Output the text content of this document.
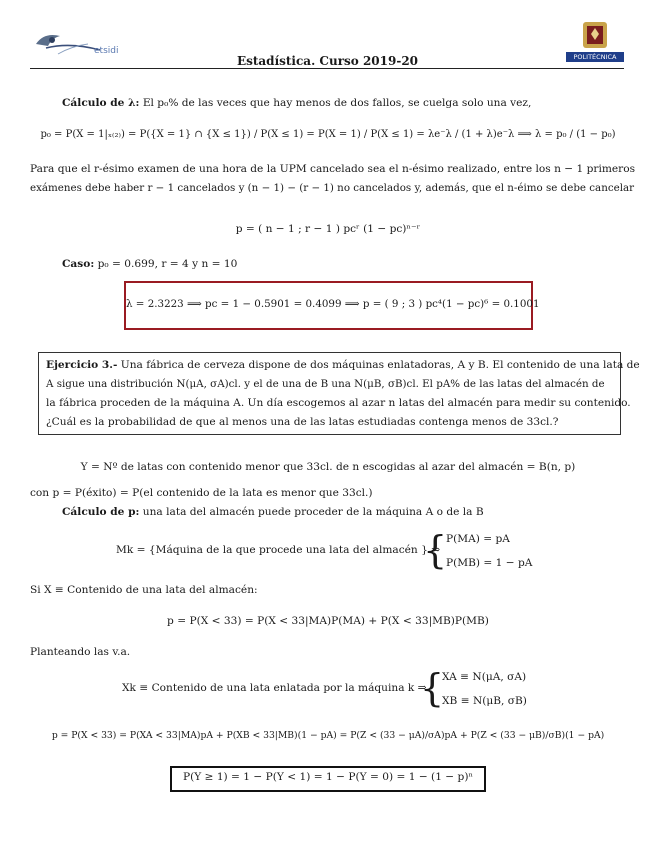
etsidi
Estadística. Curso 2019-20	POLITÉCNICA
Cálculo de λ: El p₀% de las veces que hay menos de dos fallos, se cuelga solo una vez,
p₀ = P(X = 1|ₓ₍₂₎) = P({X = 1} ∩ {X ≤ 1}) / P(X ≤ 1) = P(X = 1) / P(X ≤ 1) = λe⁻λ / (1 + λ)e⁻λ ⟹ λ = p₀ / (1 − p₀)
Para que el r-ésimo examen de una hora de la UPM cancelado sea el n-ésimo realizado, entre los n − 1 primeros
exámenes debe haber r − 1 cancelados y (n − 1) − (r − 1) no cancelados y, además, que el n-éimo se debe cancelar
p = ( n − 1 ; r − 1 ) pcʳ (1 − pc)ⁿ⁻ʳ
Caso: p₀ = 0.699, r = 4 y n = 10
λ = 2.3223 ⟹ pc = 1 − 0.5901 = 0.4099 ⟹ p = ( 9 ; 3 ) pc⁴(1 − pc)⁶ = 0.1001
Ejercicio 3.- Una fábrica de cerveza dispone de dos máquinas enlatadoras, A y B. El contenido de una lata de
A sigue una distribución N(μA, σA)cl. y el de una de B una N(μB, σB)cl. El pA% de las latas del almacén de
la fábrica proceden de la máquina A. Un día escogemos al azar n latas del almacén para medir su contenido.
¿Cuál es la probabilidad de que al menos una de las latas estudiadas contenga menos de 33cl.?
Y = Nº de latas con contenido menor que 33cl. de n escogidas al azar del almacén = B(n, p)
con p = P(éxito) = P(el contenido de la lata es menor que 33cl.)
Cálculo de p: una lata del almacén puede proceder de la máquina A o de la B
Mk = {Máquina de la que procede una lata del almacén } ⇒
{
P(MA) = pA
P(MB) = 1 − pA
Si X ≡ Contenido de una lata del almacén:
p = P(X < 33) = P(X < 33|MA)P(MA) + P(X < 33|MB)P(MB)
Planteando las v.a.
Xk ≡ Contenido de una lata enlatada por la máquina k ⇒
{
XA ≡ N(μA, σA)
XB ≡ N(μB, σB)
p = P(X < 33) = P(XA < 33|MA)pA + P(XB < 33|MB)(1 − pA) = P(Z < (33 − μA)/σA)pA + P(Z < (33 − μB)/σB)(1 − pA)
P(Y ≥ 1) = 1 − P(Y < 1) = 1 − P(Y = 0) = 1 − (1 − p)ⁿ
